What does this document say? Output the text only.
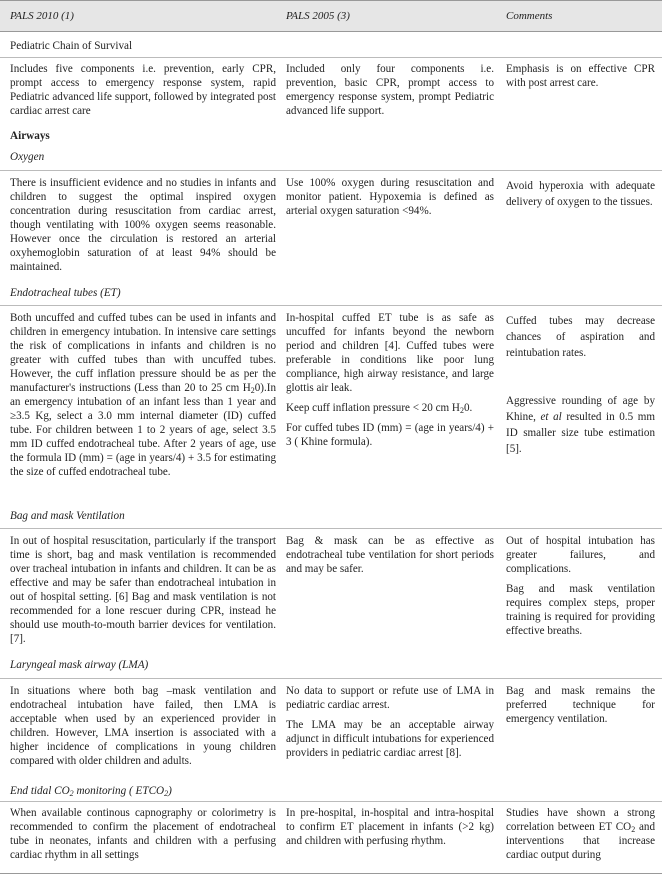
PALS 2010 (1)	PALS 2005 (3)	Comments
Pediatric Chain of Survival
Includes five components i.e. prevention, early CPR, prompt access to emergency response system, rapid Pediatric advanced life support, followed by integrated post cardiac arrest care
Included only four components i.e. prevention, basic CPR, prompt access to emergency response system, prompt Pediatric advanced life support.
Emphasis is on effective CPR with post arrest care.
Airways
Oxygen
There is insufficient evidence and no studies in infants and children to suggest the optimal inspired oxygen concentration during resuscitation from cardiac arrest, though ventilating with 100% oxygen seems reasonable. However once the circulation is restored an arterial oxyhemoglobin saturation of at least 94% should be maintained.
Use 100% oxygen during resuscitation and monitor patient. Hypoxemia is defined as arterial oxygen saturation <94%.
Avoid hyperoxia with adequate delivery of oxygen to the tissues.
Endotracheal tubes (ET)
Both uncuffed and cuffed tubes can be used in infants and children in emergency intubation. In intensive care settings the risk of complications in infants and children is no greater with cuffed tubes than with uncuffed tubes. However, the cuff inflation pressure should be as per the manufacturer's instructions (Less than 20 to 25 cm $H_20).In$ an emergency intubation of an infant less than 1 year and ≥3.5 Kg, select a 3.0 mm internal diameter (ID) cuffed tube. For children between 1 to 2 years of age, select 3.5 mm ID cuffed endotracheal tube. After 2 years of age, use the formula ID (mm) = (age in years/4) + 3.5 for estimating the size of cuffed endotracheal tube.

In-hospital cuffed ET tube is as safe as uncuffed for infants beyond the newborn period and children [4]. Cuffed tubes were preferable in conditions like poor lung compliance, high airway resistance, and large glottis air leak.

Keep cuff inflation pressure < 20 cm $H_20$.

For cuffed tubes ID (mm) = (age in years/4) + 3 ( Khine formula).

Cuffed tubes may decrease chances of aspiration and reintubation rates.

Aggressive rounding of age by Khine, et al resulted in 0.5 mm ID smaller size tube estimation [5].

Bag and mask Ventilation
In out of hospital resuscitation, particularly if the transport time is short, bag and mask ventilation is recommended over tracheal intubation in infants and children. It can be as effective and may be safer than endotracheal intubation in out of hospital setting. [6] Bag and mask ventilation is not recommended for a lone rescuer during CPR, instead he should use mouth-to-mouth barrier devices for ventilation. [7].
Bag & mask can be as effective as endotracheal tube ventilation for short periods and may be safer.

Out of hospital intubation has greater failures, and complications.

Bag and mask ventilation requires complex steps, proper training is required for providing effective breaths.

Laryngeal mask airway (LMA)
In situations where both bag –mask ventilation and endotracheal intubation have failed, then LMA is acceptable when used by an experienced provider in children. However, LMA insertion is associated with a higher incidence of complications in young children compared with older children and adults.

No data to support or refute use of LMA in pediatric cardiac arrest.

The LMA may be an acceptable airway adjunct in difficult intubations for experienced providers in pediatric cardiac arrest [8].

Bag and mask remains the preferred technique for emergency ventilation.
End tidal $CO_2$ monitoring ( $ETCO_2$)
When available continous capnography or colorimetry is recommended to confirm the placement of endotracheal tube in neonates, infants and children with a perfusing cardiac rhythm in all settings
In pre-hospital, in-hospital and intra-hospital to confirm ET placement in infants (>2 kg) and children with perfusing rhythm.
Studies have shown a strong correlation between ET $CO_2$ and interventions that increase cardiac output during
